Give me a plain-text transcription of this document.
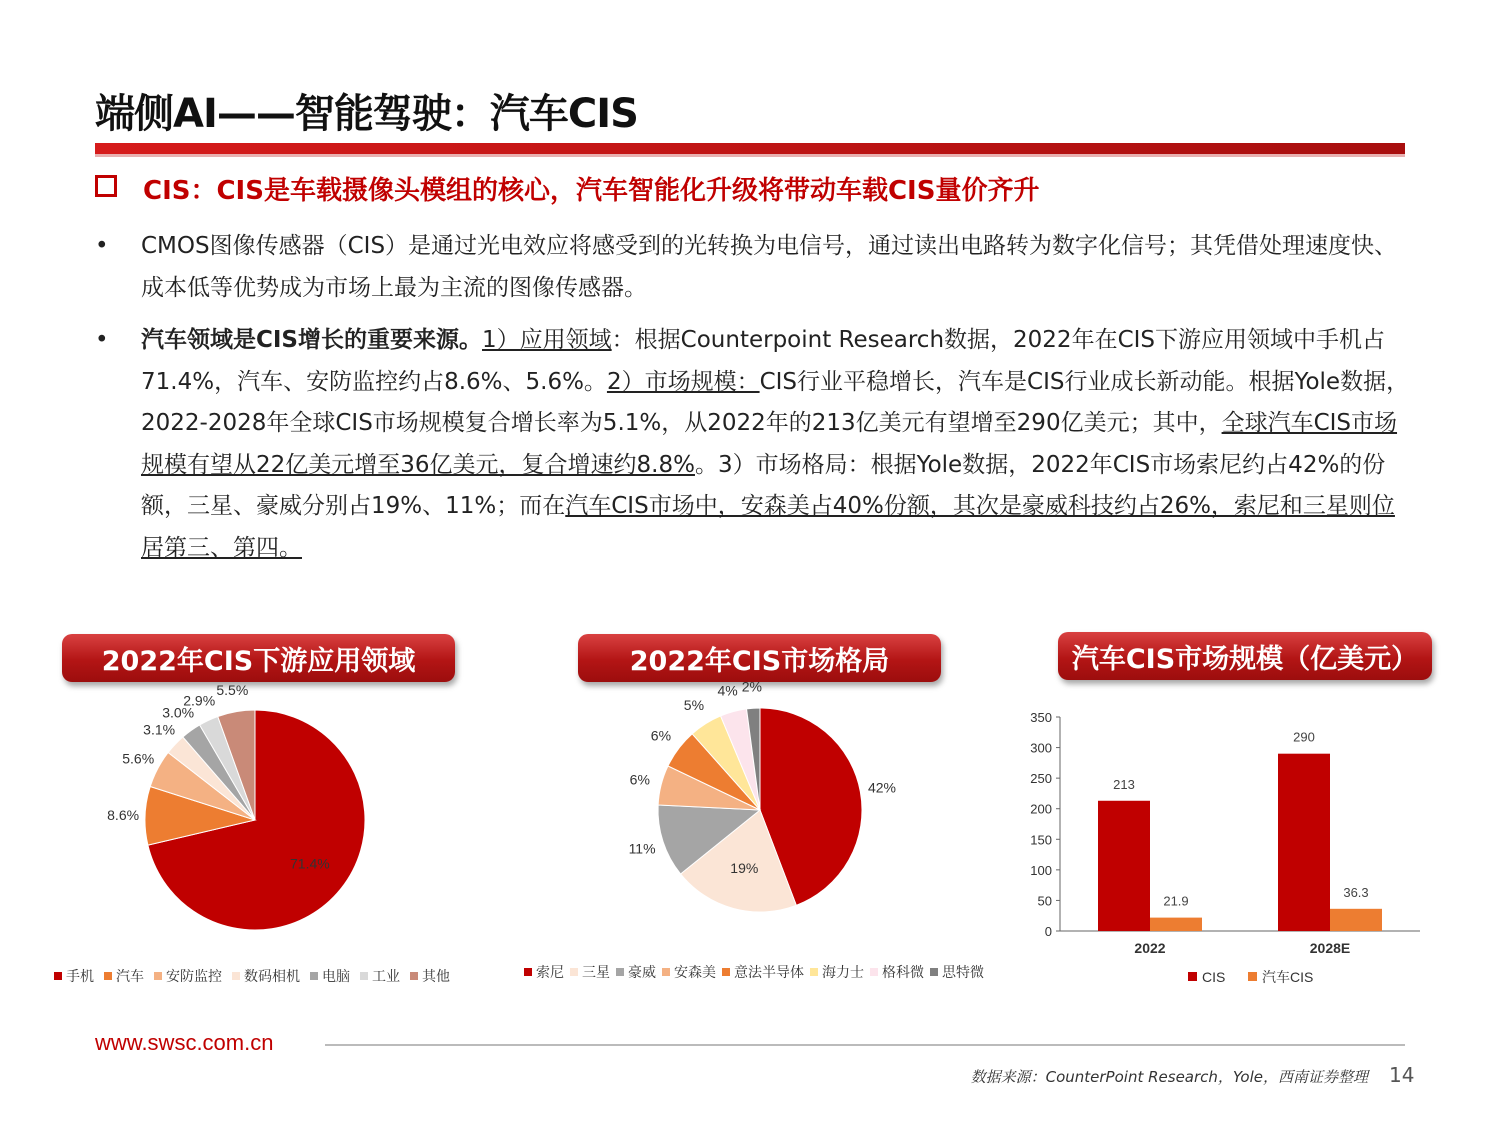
端侧AI——智能驾驶：汽车CIS
CIS：CIS是车载摄像头模组的核心，汽车智能化升级将带动车载CIS量价齐升
• CMOS图像传感器（CIS）是通过光电效应将感受到的光转换为电信号，通过读出电路转为数字化信号；其凭借处理速度快、成本低等优势成为市场上最为主流的图像传感器。
• 汽车领域是CIS增长的重要来源。1）应用领域：根据Counterpoint Research数据，2022年在CIS下游应用领域中手机占71.4%，汽车、安防监控约占8.6%、5.6%。2）市场规模：CIS行业平稳增长，汽车是CIS行业成长新动能。根据Yole数据，2022-2028年全球CIS市场规模复合增长率为5.1%，从2022年的213亿美元有望增至290亿美元；其中，全球汽车CIS市场规模有望从22亿美元增至36亿美元，复合增速约8.8%。3）市场格局：根据Yole数据，2022年CIS市场索尼约占42%的份额，三星、豪威分别占19%、11%；而在汽车CIS市场中，安森美占40%份额，其次是豪威科技约占26%，索尼和三星则位居第三、第四。
2022年CIS下游应用领域	2022年CIS市场格局	汽车CIS市场规模（亿美元）
71.4%
8.6%
5.6%
3.1%
3.0%
2.9%
5.5%
手机	汽车	安防监控	数码相机	电脑	工业	其他
42%
19%
11%
6%
6%
5%
4% 2%
索尼	三星	豪威	安森美	意法半导体	海力士	格科微	思特微
0
50
100
150
200
250
300
350
213
21.9
2022
290
36.3
2028E
CIS	汽车CIS
www.swsc.com.cn
数据来源：CounterPoint Research，Yole，西南证券整理 14
